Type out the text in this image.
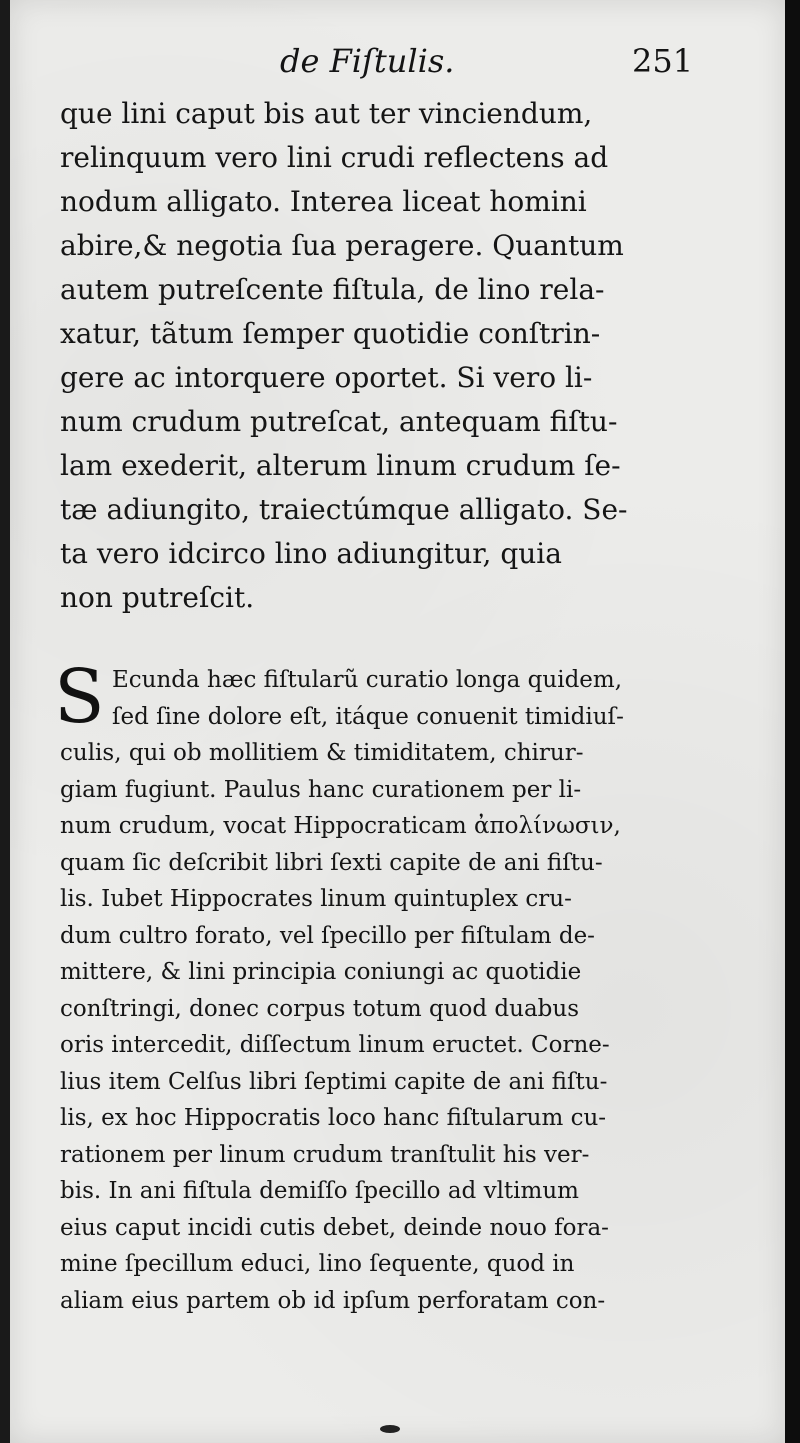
de Fiſtulis.	251
que lini caput bis aut ter vinciendum,
relinquum vero lini crudi reflectens ad
nodum alligato. Interea liceat homini
abire,& negotia ſua peragere. Quantum
autem putreſcente fiſtula, de lino rela-
xatur, tãtum ſemper quotidie conſtrin-
gere ac intorquere oportet. Si vero li-
num crudum putreſcat, antequam fiſtu-
lam exederit, alterum linum crudum ſe-
tæ adiungito, traiectúmque alligato. Se-
ta vero idcirco lino adiungitur, quia
non putreſcit.
S Ecunda hæc fiſtularũ curatio longa quidem,
ſed ſine dolore eſt, itáque conuenit timidiuſ-
culis, qui ob mollitiem & timiditatem, chirur-
giam fugiunt. Paulus hanc curationem per li-
num crudum, vocat Hippocraticam ἀπολίνωσιν,
quam ſic deſcribit libri ſexti capite de ani fiſtu-
lis. Iubet Hippocrates linum quintuplex cru-
dum cultro forato, vel ſpecillo per fiſtulam de-
mittere, & lini principia coniungi ac quotidie
conſtringi, donec corpus totum quod duabus
oris intercedit, diſſectum linum eructet. Corne-
lius item Celſus libri ſeptimi capite de ani fiſtu-
lis, ex hoc Hippocratis loco hanc fiſtularum cu-
rationem per linum crudum tranſtulit his ver-
bis. In ani fiſtula demiſſo ſpecillo ad vltimum
eius caput incidi cutis debet, deinde nouo fora-
mine ſpecillum educi, lino ſequente, quod in
aliam eius partem ob id ipſum perforatam con-
